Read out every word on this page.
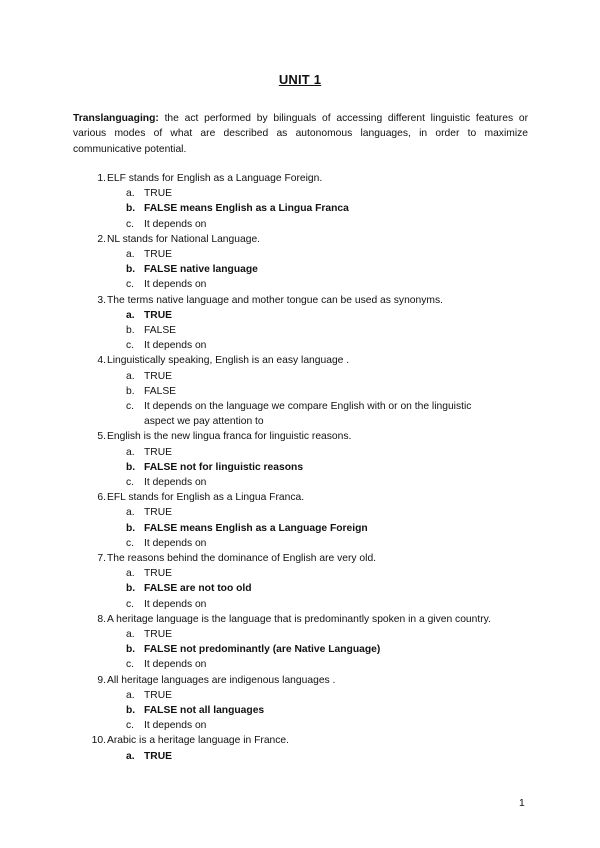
UNIT 1
Translanguaging: the act performed by bilinguals of accessing different linguistic features or various modes of what are described as autonomous languages, in order to maximize communicative potential.
1. ELF stands for English as a Language Foreign.
a. TRUE
b. FALSE means English as a Lingua Franca
c. It depends on
2. NL stands for National Language.
a. TRUE
b. FALSE native language
c. It depends on
3. The terms native language and mother tongue can be used as synonyms.
a. TRUE
b. FALSE
c. It depends on
4. Linguistically speaking, English is an easy language .
a. TRUE
b. FALSE
c. It depends on the language we compare English with or on the linguistic aspect we pay attention to
5. English is the new lingua franca for linguistic reasons.
a. TRUE
b. FALSE not for linguistic reasons
c. It depends on
6. EFL stands for English as a Lingua Franca.
a. TRUE
b. FALSE means English as a Language Foreign
c. It depends on
7. The reasons behind the dominance of English are very old.
a. TRUE
b. FALSE are not too old
c. It depends on
8. A heritage language is the language that is predominantly spoken in a given country.
a. TRUE
b. FALSE not predominantly (are Native Language)
c. It depends on
9. All heritage languages are indigenous languages .
a. TRUE
b. FALSE not all languages
c. It depends on
10. Arabic is a heritage language in France.
a. TRUE
1
